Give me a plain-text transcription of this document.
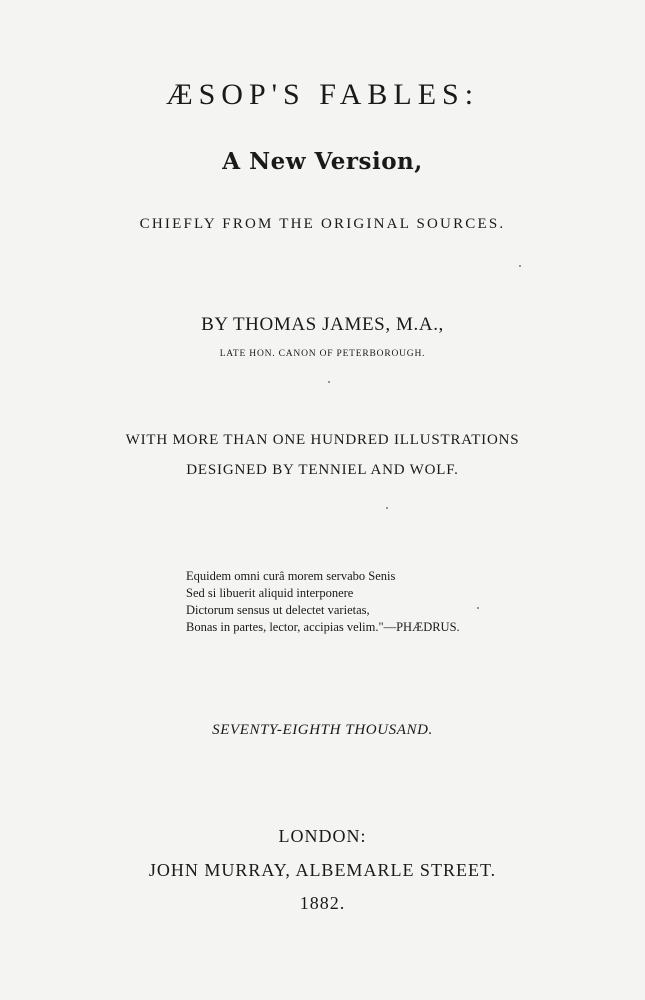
ÆSOP'S FABLES:
A New Version,
CHIEFLY FROM THE ORIGINAL SOURCES.
BY THOMAS JAMES, M.A.,
LATE HON. CANON OF PETERBOROUGH.
WITH MORE THAN ONE HUNDRED ILLUSTRATIONS
DESIGNED BY TENNIEL AND WOLF.
Equidem omni curâ morem servabo Senis
Sed si libuerit aliquid interponere
Dictorum sensus ut delectet varietas,
Bonas in partes, lector, accipias velim."—PHÆDRUS.
SEVENTY-EIGHTH THOUSAND.
LONDON:
JOHN MURRAY, ALBEMARLE STREET.
1882.
